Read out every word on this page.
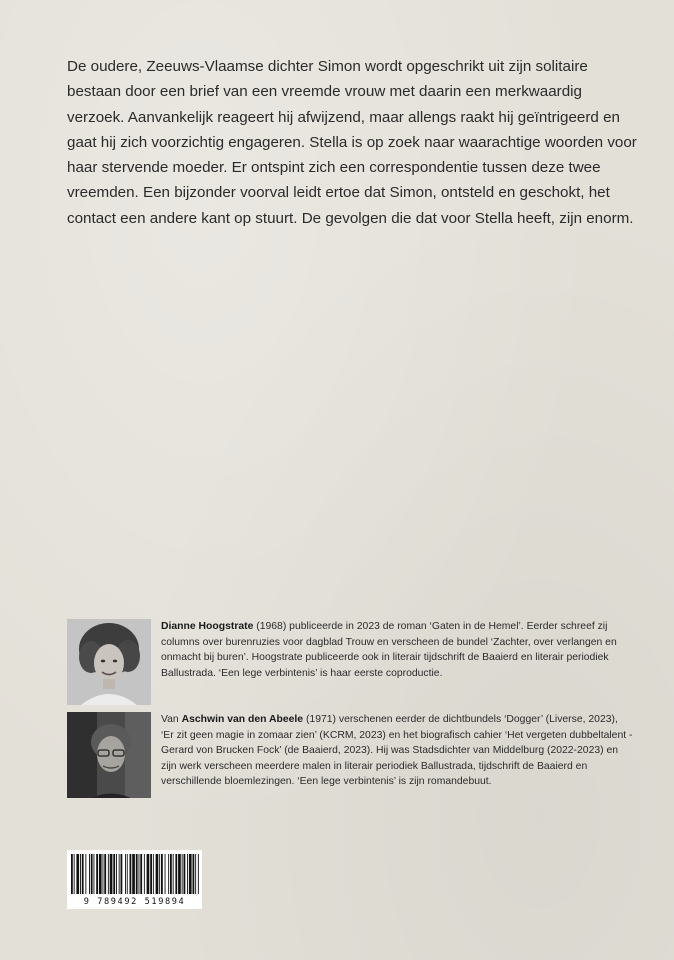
De oudere, Zeeuws-Vlaamse dichter Simon wordt opgeschrikt uit zijn solitaire bestaan door een brief van een vreemde vrouw met daarin een merkwaardig verzoek. Aanvankelijk reageert hij afwijzend, maar allengs raakt hij geïntrigeerd en gaat hij zich voorzichtig engageren. Stella is op zoek naar waarachtige woorden voor haar stervende moeder. Er ontspint zich een correspondentie tussen deze twee vreemden. Een bijzonder voorval leidt ertoe dat Simon, ontsteld en geschokt, het contact een andere kant op stuurt. De gevolgen die dat voor Stella heeft, zijn enorm.

Dianne Hoogstrate (1968) publiceerde in 2023 de roman ‘Gaten in de Hemel’. Eerder schreef zij columns over burenruzies voor dagblad Trouw en verscheen de bundel ‘Zachter, over verlangen en onmacht bij buren’. Hoogstrate publiceerde ook in literair tijdschrift de Baaierd en literair periodiek Ballustrada. ‘Een lege verbintenis’ is haar eerste coproductie.

Van Aschwin van den Abeele (1971) verschenen eerder de dichtbundels ‘Dogger’ (Liverse, 2023), ‘Er zit geen magie in zomaar zien’ (KCRM, 2023) en het biografisch cahier ‘Het vergeten dubbeltalent - Gerard von Brucken Fock’ (de Baaierd, 2023). Hij was Stadsdichter van Middelburg (2022-2023) en zijn werk verscheen meerdere malen in literair periodiek Ballustrada, tijdschrift de Baaierd en verschillende bloemlezingen. ‘Een lege verbintenis’ is zijn romandebuut.

9 789492 519894
